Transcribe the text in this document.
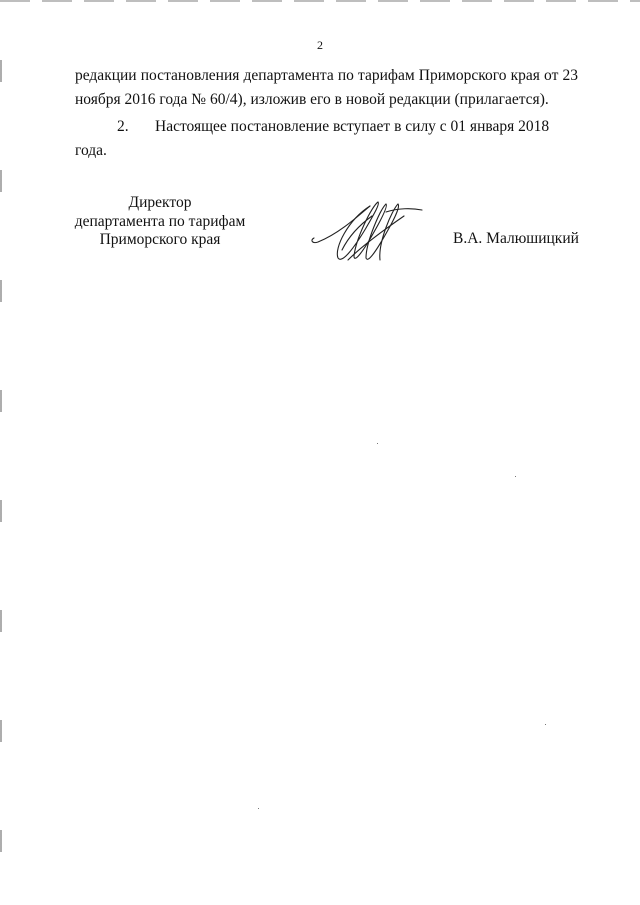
2
редакции постановления департамента по тарифам Приморского края от 23 ноября 2016 года № 60/4), изложив его в новой редакции (прилагается).
2. Настоящее постановление вступает в силу с 01 января 2018 года.
Директор
департамента по тарифам
Приморского края	В.А. Малюшицкий
